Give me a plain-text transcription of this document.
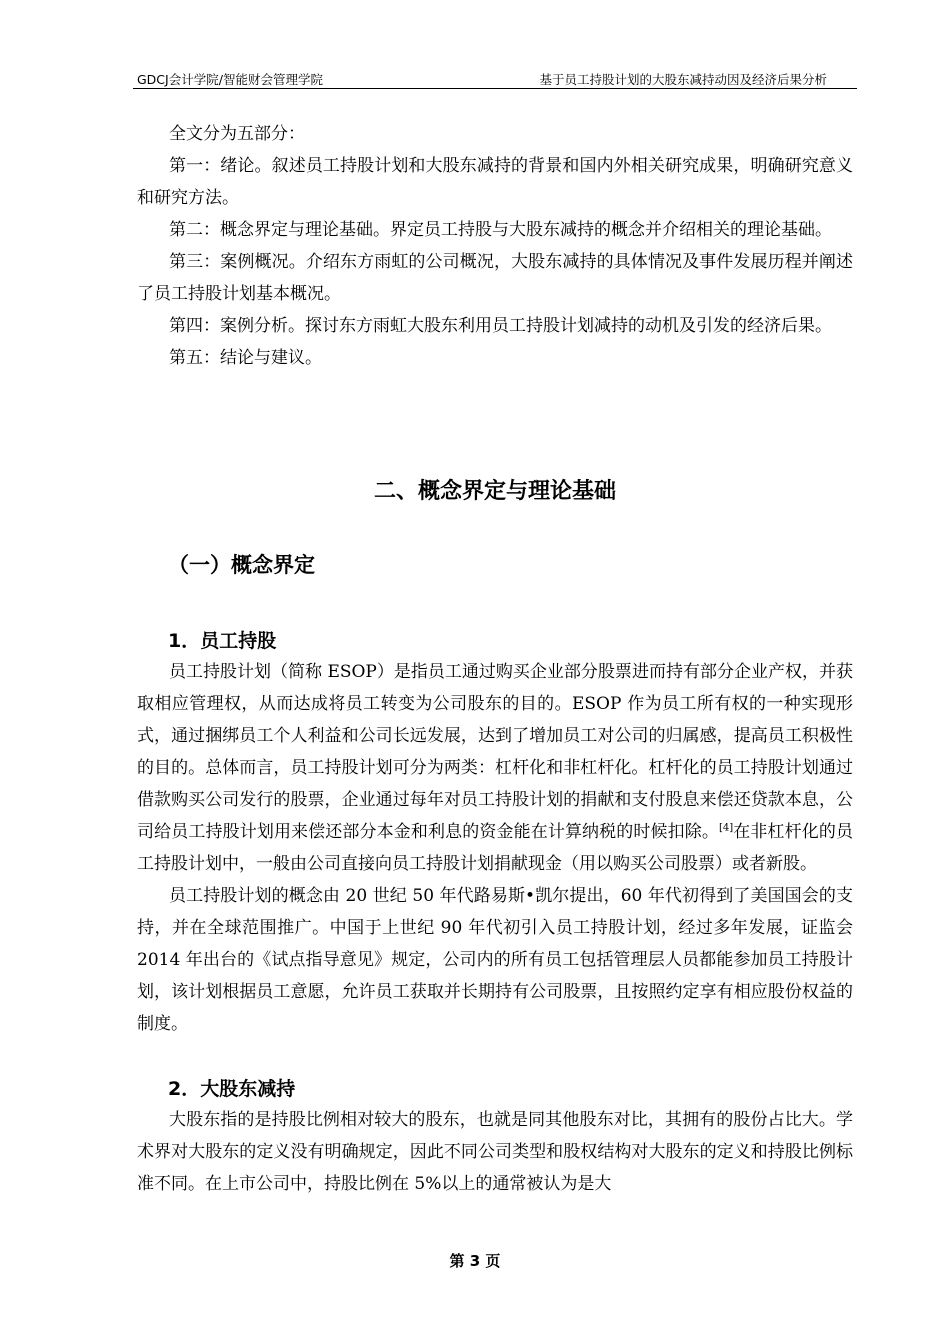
GDCJ会计学院/智能财会管理学院	基于员工持股计划的大股东减持动因及经济后果分析

全文分为五部分：

第一：绪论。叙述员工持股计划和大股东减持的背景和国内外相关研究成果，明确研究意义和研究方法。

第二：概念界定与理论基础。界定员工持股与大股东减持的概念并介绍相关的理论基础。

第三：案例概况。介绍东方雨虹的公司概况，大股东减持的具体情况及事件发展历程并阐述了员工持股计划基本概况。

第四：案例分析。探讨东方雨虹大股东利用员工持股计划减持的动机及引发的经济后果。

第五：结论与建议。

二、概念界定与理论基础
（一）概念界定
1．员工持股

员工持股计划（简称 ESOP）是指员工通过购买企业部分股票进而持有部分企业产权，并获取相应管理权，从而达成将员工转变为公司股东的目的。ESOP 作为员工所有权的一种实现形式，通过捆绑员工个人利益和公司长远发展，达到了增加员工对公司的归属感，提高员工积极性的目的。总体而言，员工持股计划可分为两类：杠杆化和非杠杆化。杠杆化的员工持股计划通过借款购买公司发行的股票，企业通过每年对员工持股计划的捐献和支付股息来偿还贷款本息，公司给员工持股计划用来偿还部分本金和利息的资金能在计算纳税的时候扣除。[4]在非杠杆化的员工持股计划中，一般由公司直接向员工持股计划捐献现金（用以购买公司股票）或者新股。

员工持股计划的概念由 20 世纪 50 年代路易斯•凯尔提出，60 年代初得到了美国国会的支持，并在全球范围推广。中国于上世纪 90 年代初引入员工持股计划，经过多年发展，证监会 2014 年出台的《试点指导意见》规定，公司内的所有员工包括管理层人员都能参加员工持股计划，该计划根据员工意愿，允许员工获取并长期持有公司股票，且按照约定享有相应股份权益的制度。

2．大股东减持

大股东指的是持股比例相对较大的股东，也就是同其他股东对比，其拥有的股份占比大。学术界对大股东的定义没有明确规定，因此不同公司类型和股权结构对大股东的定义和持股比例标准不同。在上市公司中，持股比例在 5%以上的通常被认为是大

第 3 页
